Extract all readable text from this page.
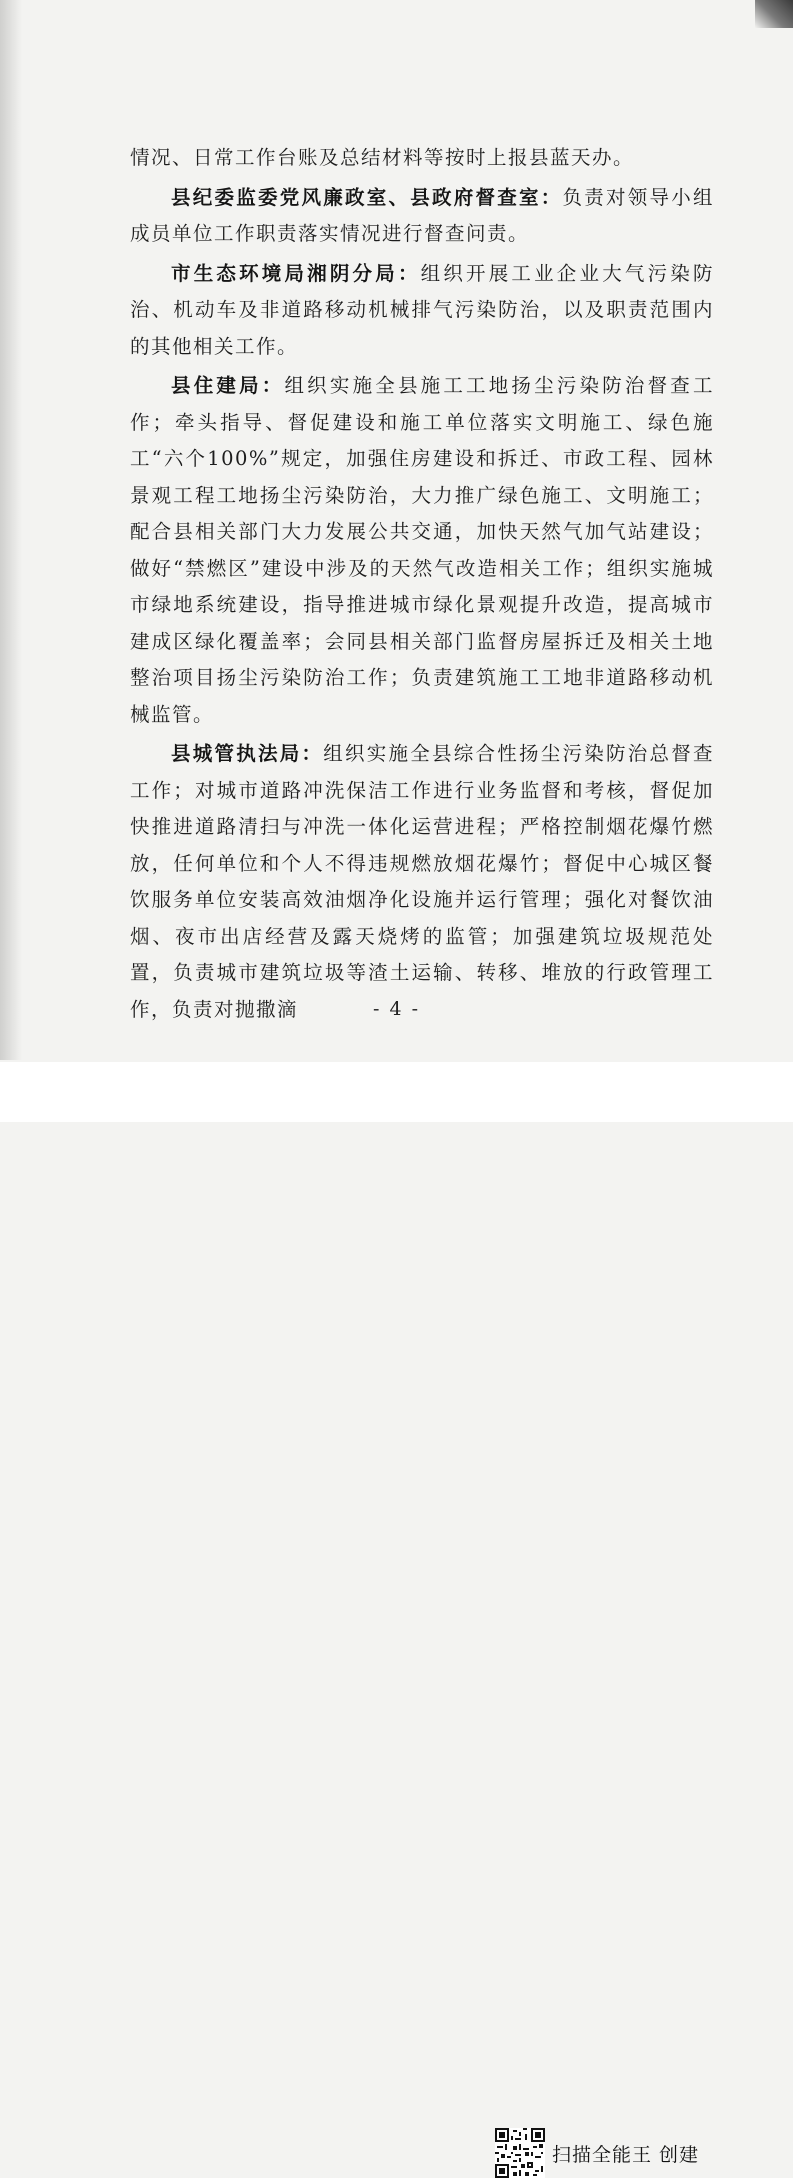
情况、日常工作台账及总结材料等按时上报县蓝天办。

县纪委监委党风廉政室、县政府督查室：负责对领导小组成员单位工作职责落实情况进行督查问责。

市生态环境局湘阴分局：组织开展工业企业大气污染防治、机动车及非道路移动机械排气污染防治，以及职责范围内的其他相关工作。

县住建局：组织实施全县施工工地扬尘污染防治督查工作；牵头指导、督促建设和施工单位落实文明施工、绿色施工“六个100%”规定，加强住房建设和拆迁、市政工程、园林景观工程工地扬尘污染防治，大力推广绿色施工、文明施工；配合县相关部门大力发展公共交通，加快天然气加气站建设；做好“禁燃区”建设中涉及的天然气改造相关工作；组织实施城市绿地系统建设，指导推进城市绿化景观提升改造，提高城市建成区绿化覆盖率；会同县相关部门监督房屋拆迁及相关土地整治项目扬尘污染防治工作；负责建筑施工工地非道路移动机械监管。

县城管执法局：组织实施全县综合性扬尘污染防治总督查工作；对城市道路冲洗保洁工作进行业务监督和考核，督促加快推进道路清扫与冲洗一体化运营进程；严格控制烟花爆竹燃放，任何单位和个人不得违规燃放烟花爆竹；督促中心城区餐饮服务单位安装高效油烟净化设施并运行管理；强化对餐饮油烟、夜市出店经营及露天烧烤的监管；加强建筑垃圾规范处置，负责城市建筑垃圾等渣土运输、转移、堆放的行政管理工作，负责对抛撒滴	- 4 -
扫描全能王 创建
